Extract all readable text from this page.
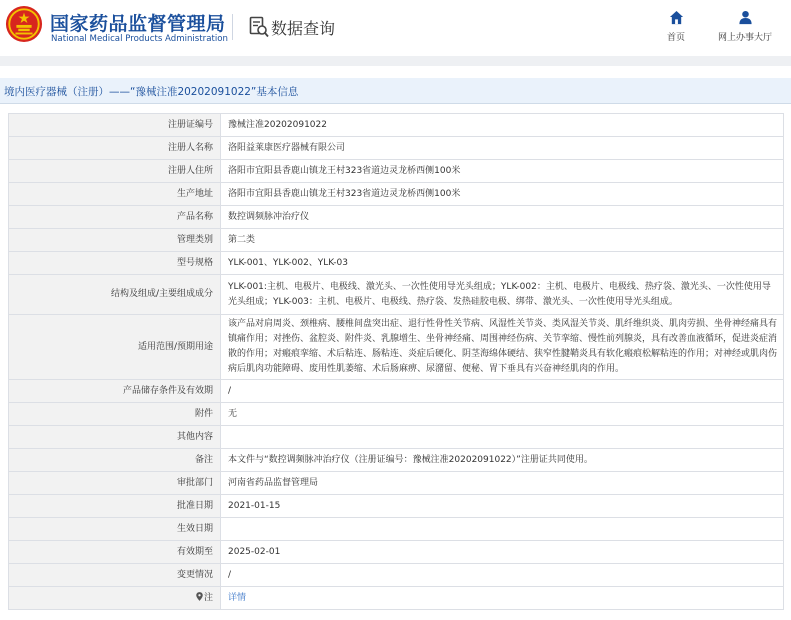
国家药品监督管理局
National Medical Products Administration
数据查询	首页	网上办事大厅
境内医疗器械（注册）——“豫械注准20202091022”基本信息
注册证编号	豫械注准20202091022
注册人名称	洛阳益莱康医疗器械有限公司
注册人住所	洛阳市宜阳县香鹿山镇龙王村323省道边灵龙桥西侧100米
生产地址	洛阳市宜阳县香鹿山镇龙王村323省道边灵龙桥西侧100米
产品名称	数控调频脉冲治疗仪
管理类别	第二类
型号规格	YLK-001、YLK-002、YLK-03
结构及组成/主要组成成分	YLK-001:主机、电极片、电极线、激光头、一次性使用导光头组成；YLK-002：主机、电极片、电极线、热疗袋、激光头、一次性使用导光头组成；YLK-003：主机、电极片、电极线、热疗袋、发热硅胶电极、绑带、激光头、一次性使用导光头组成。
适用范围/预期用途	该产品对肩周炎、颈椎病、腰椎间盘突出症、退行性骨性关节病、风湿性关节炎、类风湿关节炎、肌纤维织炎、肌肉劳损、坐骨神经痛具有镇痛作用；对挫伤、盆腔炎、附件炎、乳腺增生、坐骨神经痛、周围神经伤病、关节挛缩、慢性前列腺炎，具有改善血液循环，促进炎症消散的作用；对瘢痕挛缩、术后粘连、肠粘连、炎症后硬化、阴茎海绵体硬结、狭窄性腱鞘炎具有软化瘢痕松解粘连的作用；对神经或肌肉伤病后肌肉功能障碍、废用性肌萎缩、术后肠麻痹、尿潴留、便秘、胃下垂具有兴奋神经肌肉的作用。
产品储存条件及有效期	/
附件	无
其他内容	
备注	本文件与“数控调频脉冲治疗仪（注册证编号：豫械注准20202091022）”注册证共同使用。
审批部门	河南省药品监督管理局
批准日期	2021-01-15
生效日期	
有效期至	2025-02-01
变更情况	/
注	详情
